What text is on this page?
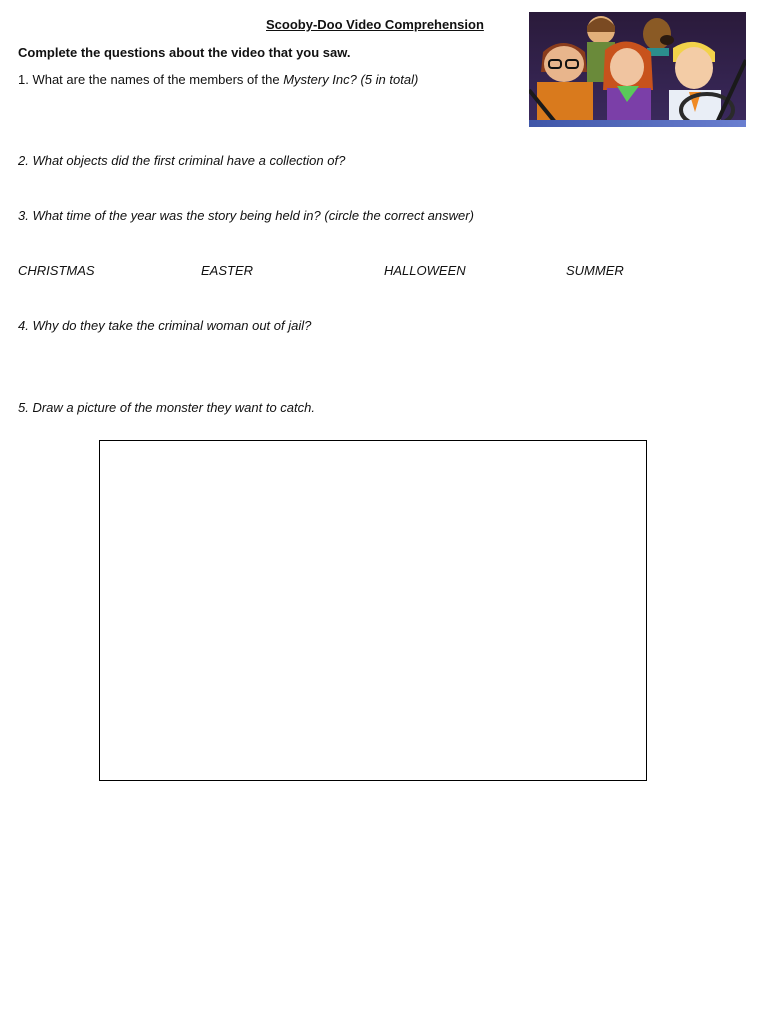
Scooby-Doo Video Comprehension
Complete the questions about the video that you saw.
1. What are the names of the members of the Mystery Inc? (5 in total)
2. What objects did the first criminal have a collection of?
3. What time of the year was the story being held in? (circle the correct answer)
CHRISTMAS	EASTER	HALLOWEEN	SUMMER
4. Why do they take the criminal woman out of jail?
5. Draw a picture of the monster they want to catch.
